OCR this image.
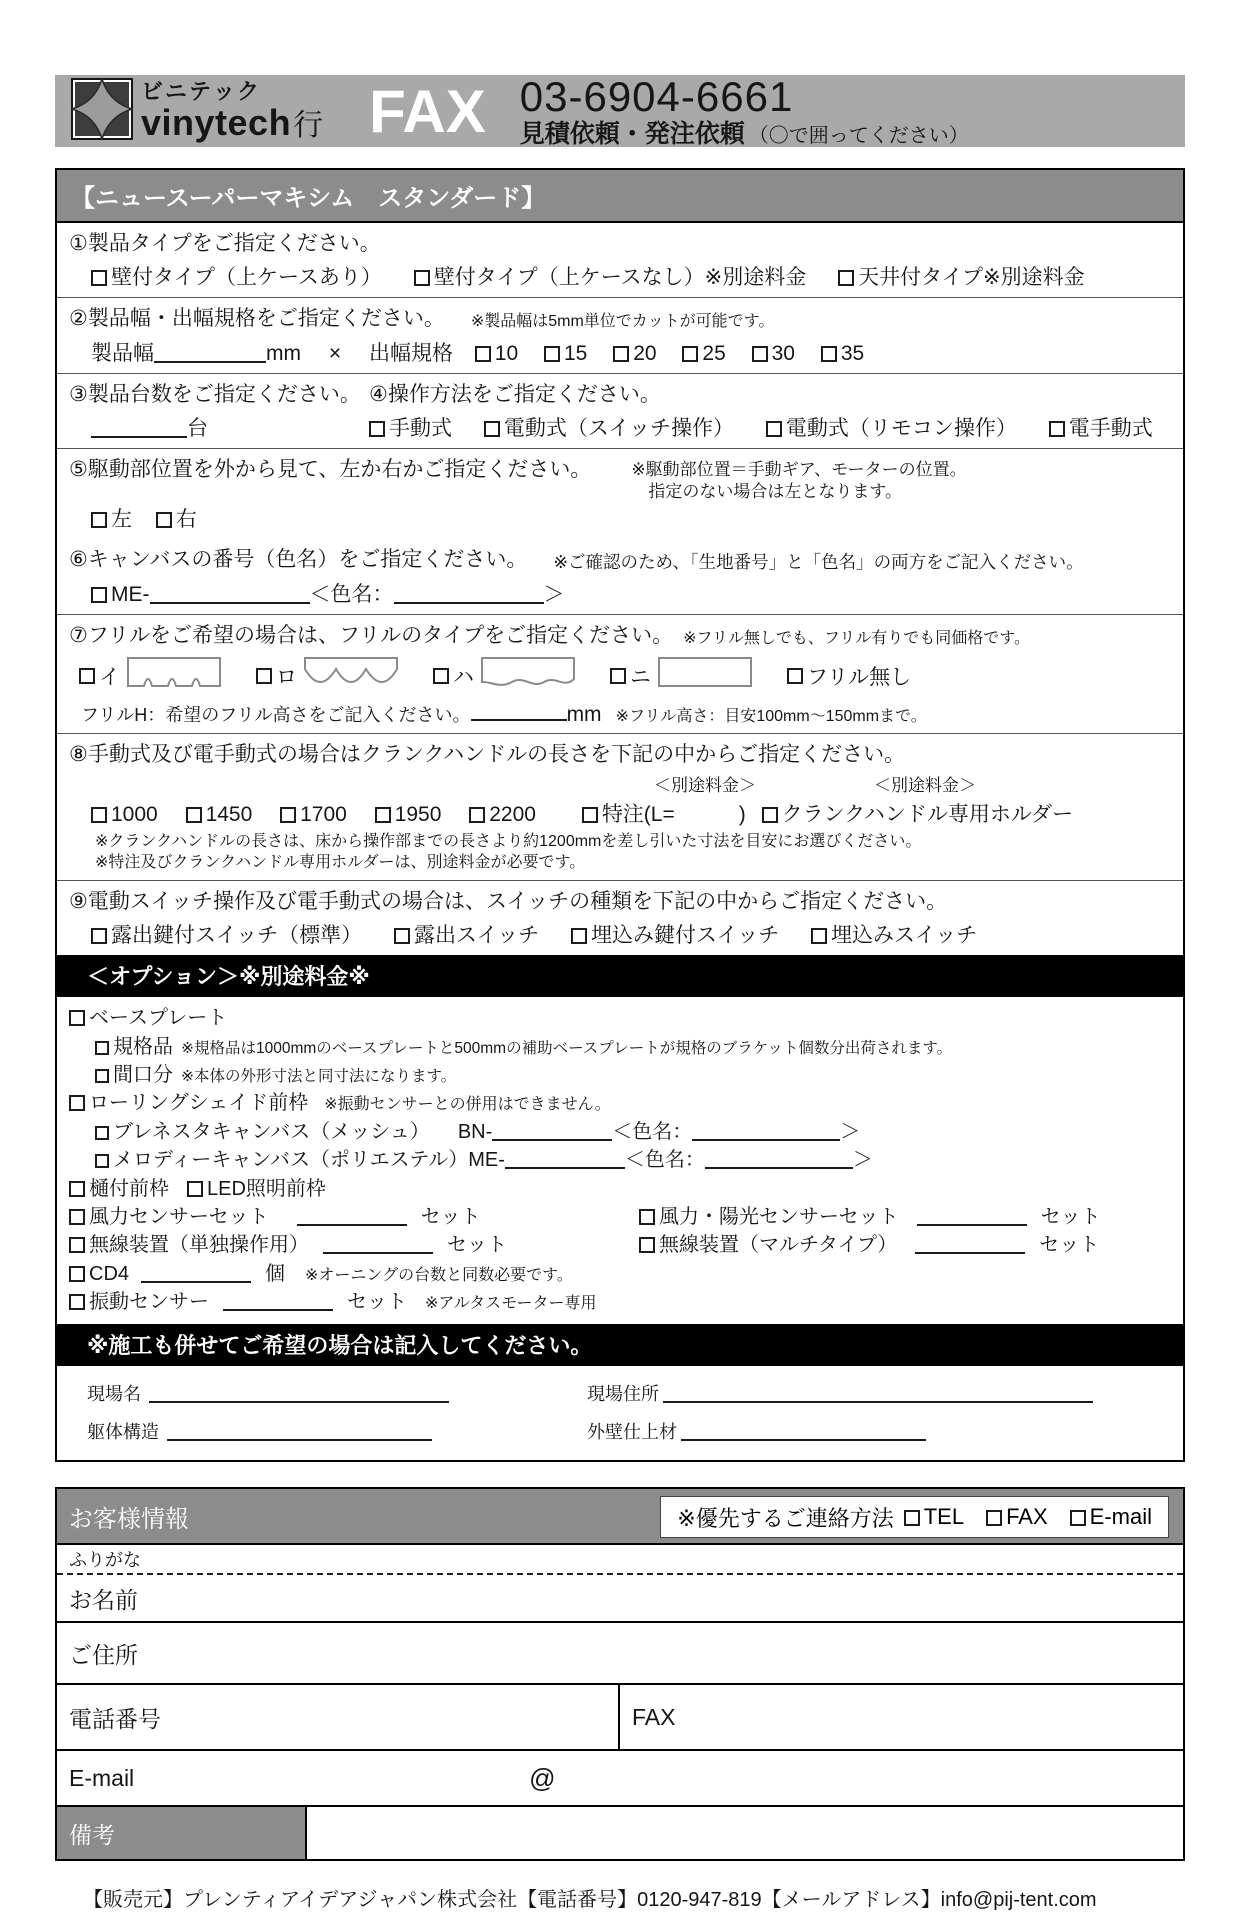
ビニテック
vinytech 行 FAX 03-6904-6661
見積依頼・発注依頼 （〇で囲ってください）
【ニュースーパーマキシム　スタンダード】
①製品タイプをご指定ください。
壁付タイプ（上ケースあり） 壁付タイプ（上ケースなし）※別途料金 天井付タイプ※別途料金
②製品幅・出幅規格をご指定ください。 ※製品幅は5mm単位でカットが可能です。
製品幅	mm × 出幅規格 10 15 20 25 30 35
③製品台数をご指定ください。
台
④操作方法をご指定ください。
手動式 電動式（スイッチ操作） 電動式（リモコン操作） 電手動式
⑤駆動部位置を外から見て、左か右かご指定ください。 ※駆動部位置＝手動ギア、モーターの位置。
指定のない場合は左となります。
左 右
⑥キャンバスの番号（色名）をご指定ください。 ※ご確認のため、「生地番号」と「色名」の両方をご記入ください。
ME-	＜色名：	＞
⑦フリルをご希望の場合は、フリルのタイプをご指定ください。 ※フリル無しでも、フリル有りでも同価格です。
イ	ロ	ハ	ニ	フリル無し
フリルH：希望のフリル高さをご記入ください。	mm ※フリル高さ：目安100mm～150mmまで。
⑧手動式及び電手動式の場合はクランクハンドルの長さを下記の中からご指定ください。
＜別途料金＞	＜別途料金＞
1000 1450 1700 1950 2200	特注(L=	) クランクハンドル専用ホルダー
※クランクハンドルの長さは、床から操作部までの長さより約1200mmを差し引いた寸法を目安にお選びください。
※特注及びクランクハンドル専用ホルダーは、別途料金が必要です。
⑨電動スイッチ操作及び電手動式の場合は、スイッチの種類を下記の中からご指定ください。
露出鍵付スイッチ（標準） 露出スイッチ 埋込み鍵付スイッチ 埋込みスイッチ
＜オプション＞※別途料金※
ベースプレート
規格品 ※規格品は1000mmのベースプレートと500mmの補助ベースプレートが規格のブラケット個数分出荷されます。
間口分 ※本体の外形寸法と同寸法になります。
ローリングシェイド前枠 ※振動センサーとの併用はできません。
ブレネスタキャンバス（メッシュ） BN-	＜色名：	＞
メロディーキャンバス（ポリエステル）ME-	＜色名：	＞
樋付前枠 LED照明前枠
風力センサーセット	セット	風力・陽光センサーセット	セット
無線装置（単独操作用）	セット	無線装置（マルチタイプ）	セット
CD4	個 ※オーニングの台数と同数必要です。
振動センサー	セット ※アルタスモーター専用
※施工も併せてご希望の場合は記入してください。
現場名	現場住所
躯体構造	外壁仕上材
お客様情報	※優先するご連絡方法	TEL	FAX	E-mail
ふりがな
お名前
ご住所
電話番号	FAX
E-mail	@
備考
【販売元】プレンティアイデアジャパン株式会社【電話番号】0120-947-819【メールアドレス】info@pij-tent.com
